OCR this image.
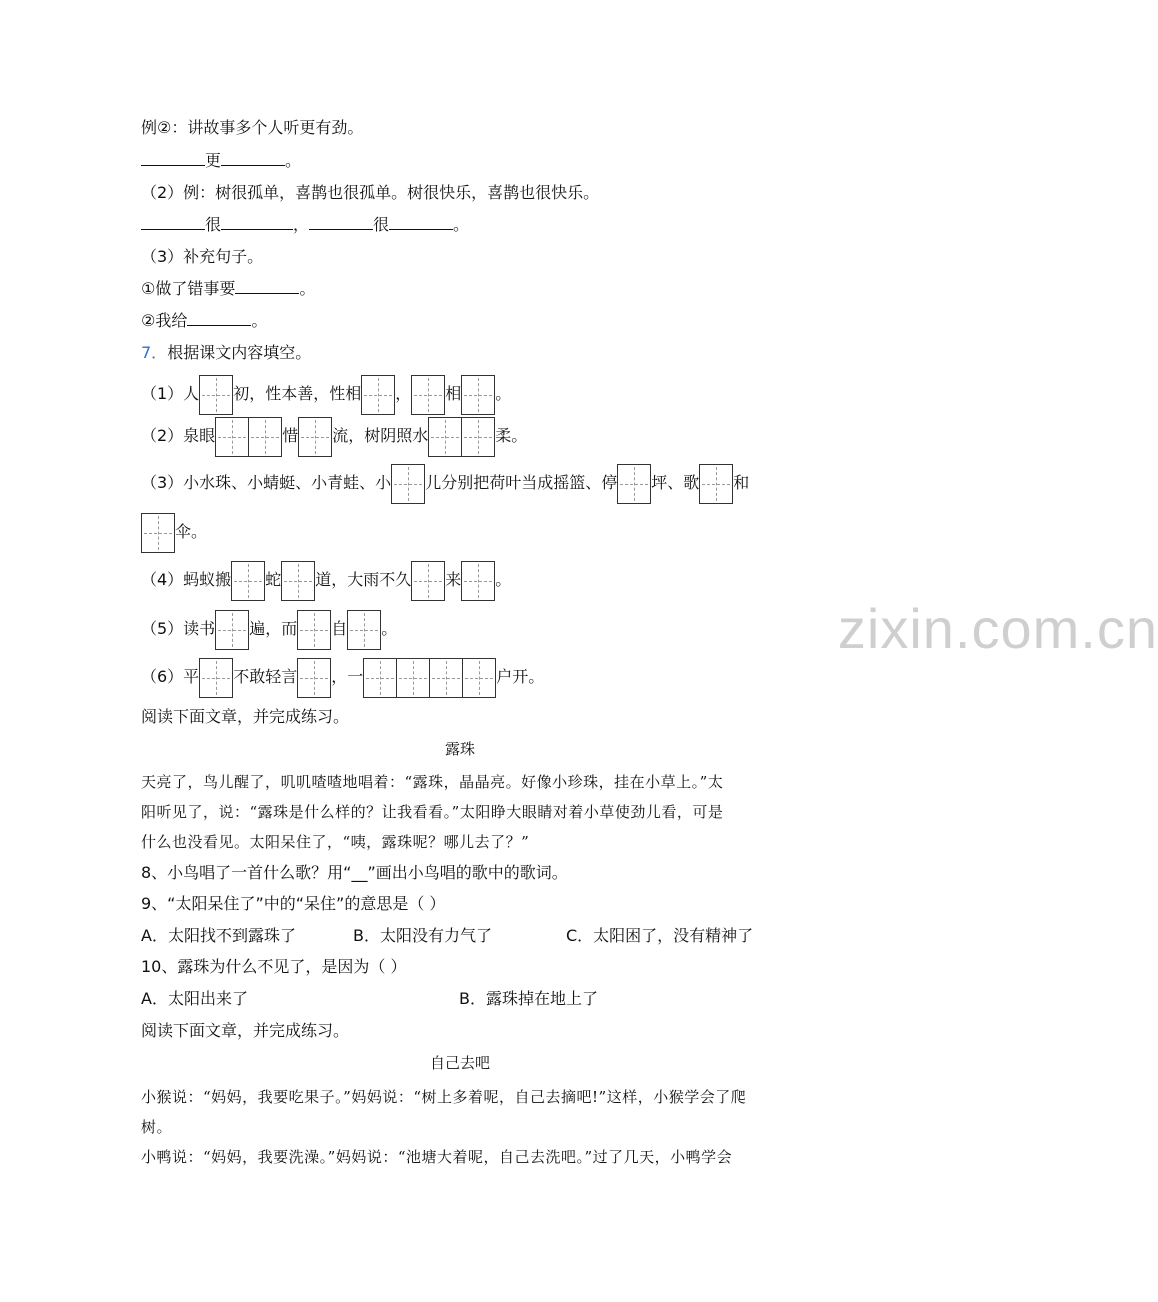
zixin.com.cn
例②：讲故事多个人听更有劲。
更	。
（2）例：树很孤单，喜鹊也很孤单。树很快乐，喜鹊也很快乐。
很	，	很	。
（3）补充句子。
①做了错事要	。
②我给	。
7．根据课文内容填空。
（1）人 初，性本善，性相 ， 相 。
（2）泉眼	惜 流，树阴照水	柔。
（3）小水珠、小蜻蜓、小青蛙、小 儿分别把荷叶当成摇篮、停 坪、歌 和
伞。
（4）蚂蚁搬 蛇 道，大雨不久 来 。
（5）读书 遍，而 自 。
（6）平 不敢轻言 ，一	户开。
阅读下面文章，并完成练习。
露珠
天亮了，鸟儿醒了，叽叽喳喳地唱着：“露珠，晶晶亮。好像小珍珠，挂在小草上。”太
阳听见了，说：“露珠是什么样的？让我看看。”太阳睁大眼睛对着小草使劲儿看，可是
什么也没看见。太阳呆住了，“咦，露珠呢？哪儿去了？”
8、小鸟唱了一首什么歌？用“__”画出小鸟唱的歌中的歌词。
9、“太阳呆住了”中的“呆住”的意思是（ ）
A．太阳找不到露珠了	B．太阳没有力气了	C．太阳困了，没有精神了
10、露珠为什么不见了，是因为（ ）
A．太阳出来了	B．露珠掉在地上了
阅读下面文章，并完成练习。
自己去吧
小猴说：“妈妈，我要吃果子。”妈妈说：“树上多着呢，自己去摘吧!”这样，小猴学会了爬
树。
小鸭说：“妈妈，我要洗澡。”妈妈说：“池塘大着呢，自己去洗吧。”过了几天，小鸭学会
